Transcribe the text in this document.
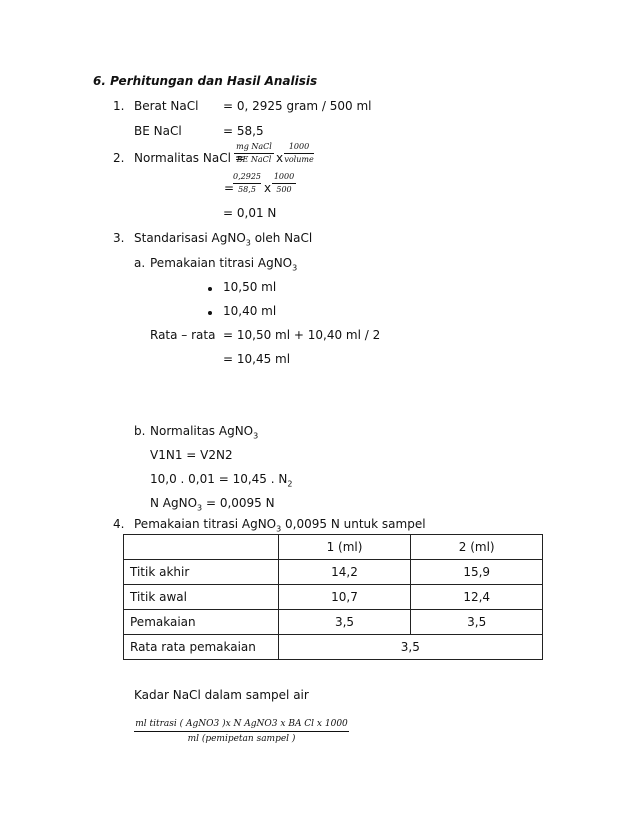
6. Perhitungan dan Hasil Analisis
1. Berat NaCl = 0, 2925 gram / 500 ml
BE NaCl	= 58,5
2. Normalitas NaCl =
mg NaCl
BE NaCl x
1000
volume
=
0,2925
58,5 x
1000
500
= 0,01 N
3. Standarisasi AgNO$_3$ oleh NaCl
a. Pemakaian titrasi AgNO$_3$
10,50 ml
10,40 ml
Rata – rata = 10,50 ml + 10,40 ml / 2
= 10,45 ml
b. Normalitas AgNO$_3$
V1N1 = V2N2
10,0 . 0,01 = 10,45 . $N_2$
N AgNO$_3$ = 0,0095 N
4. Pemakaian titrasi AgNO$_3$ 0,0095 N untuk sampel
	1 (ml)	2 (ml)
Titik akhir	14,2	15,9
Titik awal	10,7	12,4
Pemakaian	3,5	3,5
Rata rata pemakaian	3,5	
Kadar NaCl dalam sampel air
ml titrasi ( AgNO3 )x N AgNO3 x BA Cl x 1000
ml (pemipetan sampel )
